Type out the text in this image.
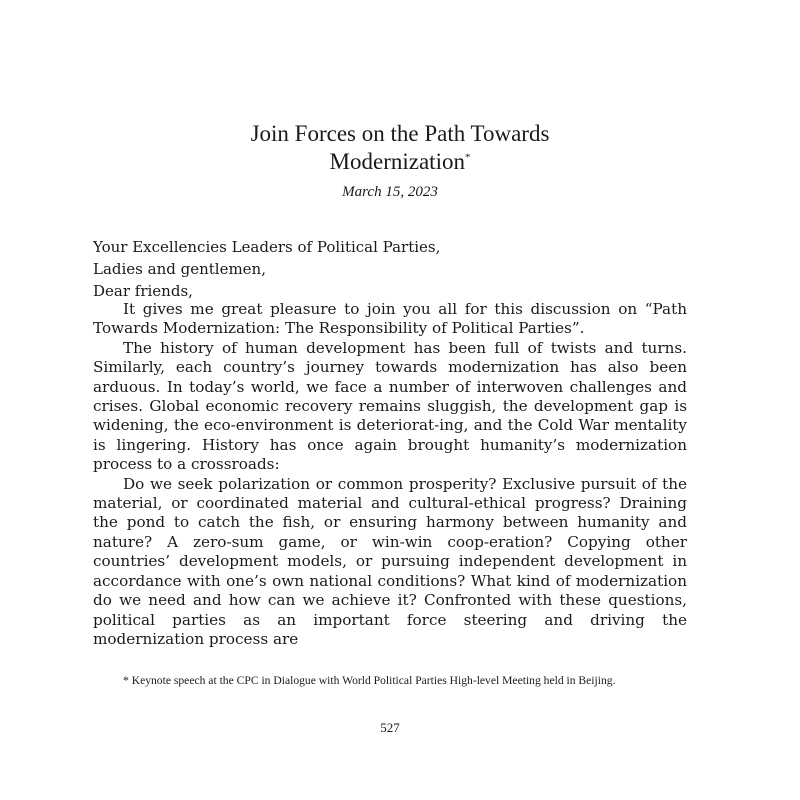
Join Forces on the Path Towards
Modernization*
March 15, 2023
Your Excellencies Leaders of Political Parties,
Ladies and gentlemen,
Dear friends,

It gives me great pleasure to join you all for this discussion on “Path Towards Modernization: The Responsibility of Political Parties”.

The history of human development has been full of twists and turns. Similarly, each country’s journey towards modernization has also been arduous. In today’s world, we face a number of interwoven challenges and crises. Global economic recovery remains sluggish, the development gap is widening, the eco-environment is deteriorat-ing, and the Cold War mentality is lingering. History has once again brought humanity’s modernization process to a crossroads:

Do we seek polarization or common prosperity? Exclusive pursuit of the material, or coordinated material and cultural-ethical progress? Draining the pond to catch the fish, or ensuring harmony between humanity and nature? A zero-sum game, or win-win coop-eration? Copying other countries’ development models, or pursuing independent development in accordance with one’s own national conditions? What kind of modernization do we need and how can we achieve it? Confronted with these questions, political parties as an important force steering and driving the modernization process are

* Keynote speech at the CPC in Dialogue with World Political Parties High-level Meeting held in Beijing.
527
